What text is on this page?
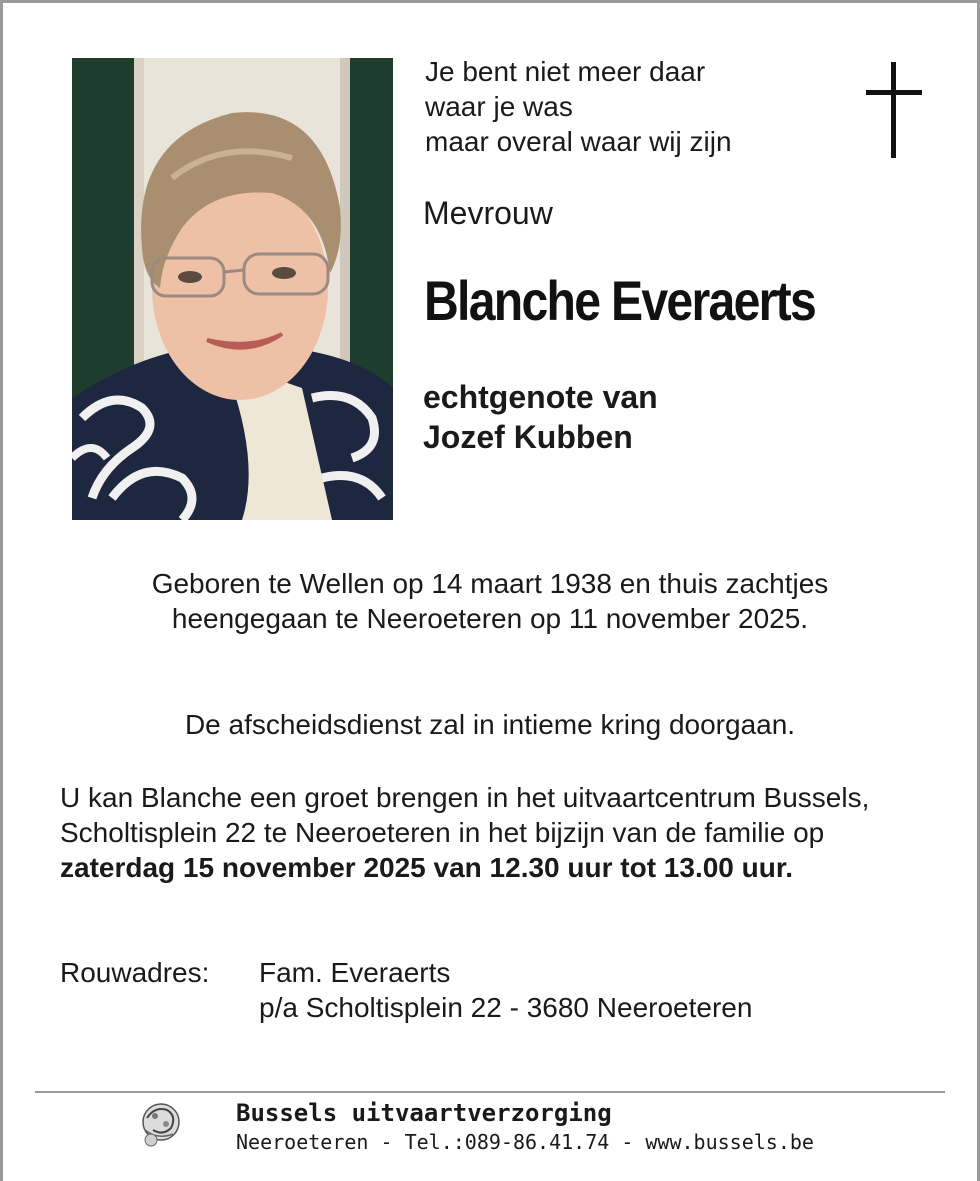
Je bent niet meer daar
waar je was
maar overal waar wij zijn
Mevrouw
Blanche Everaerts
echtgenote van
Jozef Kubben
Geboren te Wellen op 14 maart 1938 en thuis zachtjes
heengegaan te Neeroeteren op 11 november 2025.
De afscheidsdienst zal in intieme kring doorgaan.
U kan Blanche een groet brengen in het uitvaartcentrum Bussels, Scholtisplein 22 te Neeroeteren in het bijzijn van de familie op zaterdag 15 november 2025 van 12.30 uur tot 13.00 uur.
Rouwadres: Fam. Everaerts
p/a Scholtisplein 22 - 3680 Neeroeteren
Bussels uitvaartverzorging
Neeroeteren - Tel.:089-86.41.74 - www.bussels.be
